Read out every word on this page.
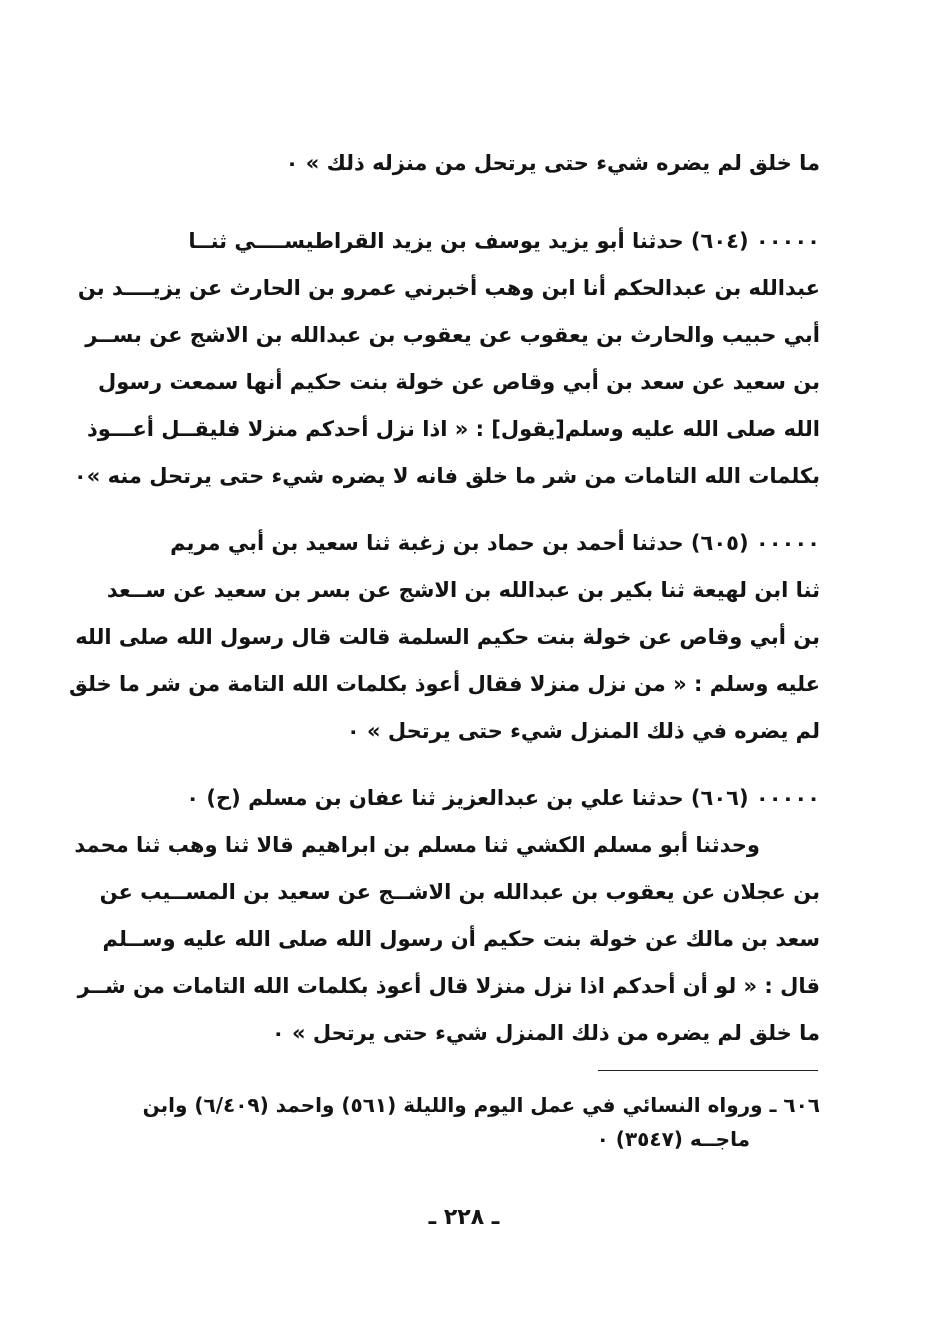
ما خلق لم يضره شيء حتى يرتحل من منزله ذلك » ٠
٠٠٠٠٠ (٦٠٤) حدثنا أبو يزيد يوسف بن يزيد القراطيســــي ثنــا
عبدالله بن عبدالحكم أنا ابن وهب أخبرني عمرو بن الحارث عن يزيــــد بن
أبي حبيب والحارث بن يعقوب عن يعقوب بن عبدالله بن الاشج عن بســر
بن سعيد عن سعد بن أبي وقاص عن خولة بنت حكيم أنها سمعت رسول
الله صلى الله عليه وسلم[يقول] : « اذا نزل أحدكم منزلا فليقــل أعـــوذ
بكلمات الله التامات من شر ما خلق فانه لا يضره شيء حتى يرتحل منه »٠
٠٠٠٠٠ (٦٠٥) حدثنا أحمد بن حماد بن زغبة ثنا سعيد بن أبي مريم
ثنا ابن لهيعة ثنا بكير بن عبدالله بن الاشج عن بسر بن سعيد عن ســعد
بن أبي وقاص عن خولة بنت حكيم السلمة قالت قال رسول الله صلى الله
عليه وسلم : « من نزل منزلا فقال أعوذ بكلمات الله التامة من شر ما خلق
لم يضره في ذلك المنزل شيء حتى يرتحل » ٠
٠٠٠٠٠ (٦٠٦) حدثنا علي بن عبدالعزيز ثنا عفان بن مسلم (ح) ٠
وحدثنا أبو مسلم الكشي ثنا مسلم بن ابراهيم قالا ثنا وهب ثنا محمد
بن عجلان عن يعقوب بن عبدالله بن الاشــج عن سعيد بن المســيب عن
سعد بن مالك عن خولة بنت حكيم أن رسول الله صلى الله عليه وســلم
قال : « لو أن أحدكم اذا نزل منزلا قال أعوذ بكلمات الله التامات من شــر
ما خلق لم يضره من ذلك المنزل شيء حتى يرتحل » ٠
٦٠٦ ـ ورواه النسائي في عمل اليوم والليلة (٥٦١) واحمد (٦/٤٠٩) وابن
ماجــه (٣٥٤٧) ٠
ـ ٢٢٨ ـ
